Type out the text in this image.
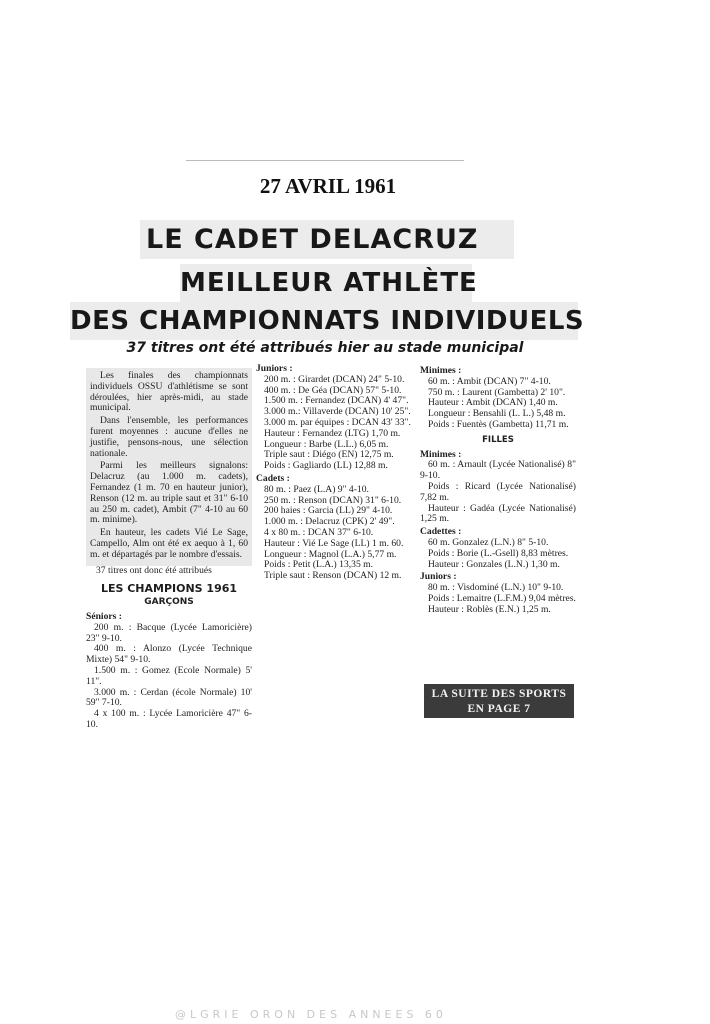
27 AVRIL 1961
LE CADET DELACRUZ
MEILLEUR ATHLÈTE
DES CHAMPIONNATS INDIVIDUELS
37 titres ont été attribués hier au stade municipal

Les finales des championnats individuels OSSU d'athlétisme se sont déroulées, hier après-midi, au stade municipal.

Dans l'ensemble, les performances furent moyennes : aucune d'elles ne justifie, pensons-nous, une sélection nationale.

Parmi les meilleurs signalons: Delacruz (au 1.000 m. cadets), Fernandez (1 m. 70 en hauteur junior), Renson (12 m. au triple saut et 31" 6-10 au 250 m. cadet), Ambit (7" 4-10 au 60 m. minime).

En hauteur, les cadets Vié Le Sage, Campello, Alm ont été ex aequo à 1, 60 m. et départagés par le nombre d'essais.

37 titres ont donc été attribués

LES CHAMPIONS 1961
GARÇONS
Séniors :

200 m. : Bacque (Lycée Lamoricière) 23" 9-10.

400 m. : Alonzo (Lycée Technique Mixte) 54" 9-10.

1.500 m. : Gomez (Ecole Normale) 5' 11".

3.000 m. : Cerdan (école Normale) 10' 59" 7-10.

4 x 100 m. : Lycée Lamoricière 47" 6-10.

Juniors :

200 m. : Girardet (DCAN) 24" 5-10.

400 m. : De Géa (DCAN) 57" 5-10.

1.500 m. : Fernandez (DCAN) 4' 47".

3.000 m.: Villaverde (DCAN) 10' 25".

3.000 m. par équipes : DCAN 43' 33".

Hauteur : Fernandez (LTG) 1,70 m.

Longueur : Barbe (L.L.) 6,05 m.

Triple saut : Diégo (EN) 12,75 m.

Poids : Gagliardo (LL) 12,88 m.

Cadets :

80 m. : Paez (L.A) 9" 4-10.

250 m. : Renson (DCAN) 31" 6-10.

200 haies : Garcia (LL) 29" 4-10.

1.000 m. : Delacruz (CPK) 2' 49".

4 x 80 m. : DCAN 37" 6-10.

Hauteur : Vié Le Sage (LL) 1 m. 60.

Longueur : Magnol (L.A.) 5,77 m.

Poids : Petit (L.A.) 13,35 m.

Triple saut : Renson (DCAN) 12 m.

Minimes :

60 m. : Ambit (DCAN) 7" 4-10.

750 m. : Laurent (Gambetta) 2' 10".

Hauteur : Ambit (DCAN) 1,40 m.

Longueur : Bensahli (L. L.) 5,48 m.

Poids : Fuentès (Gambetta) 11,71 m.

FILLES
Minimes :

60 m. : Arnault (Lycée Nationalisé) 8" 9-10.

Poids : Ricard (Lycée Nationalisé) 7,82 m.

Hauteur : Gadéa (Lycée Nationalisé) 1,25 m.

Cadettes :

60 m. Gonzalez (L.N.) 8" 5-10.

Poids : Borie (L.-Gsell) 8,83 mètres.

Hauteur : Gonzales (L.N.) 1,30 m.

Juniors :

80 m. : Visdominé (L.N.) 10" 9-10.

Poids : Lemaitre (L.F.M.) 9,04 mètres.

Hauteur : Roblès (E.N.) 1,25 m.

LA SUITE DES SPORTS
EN PAGE 7
@LGRIE ORON DES ANNEES 60
